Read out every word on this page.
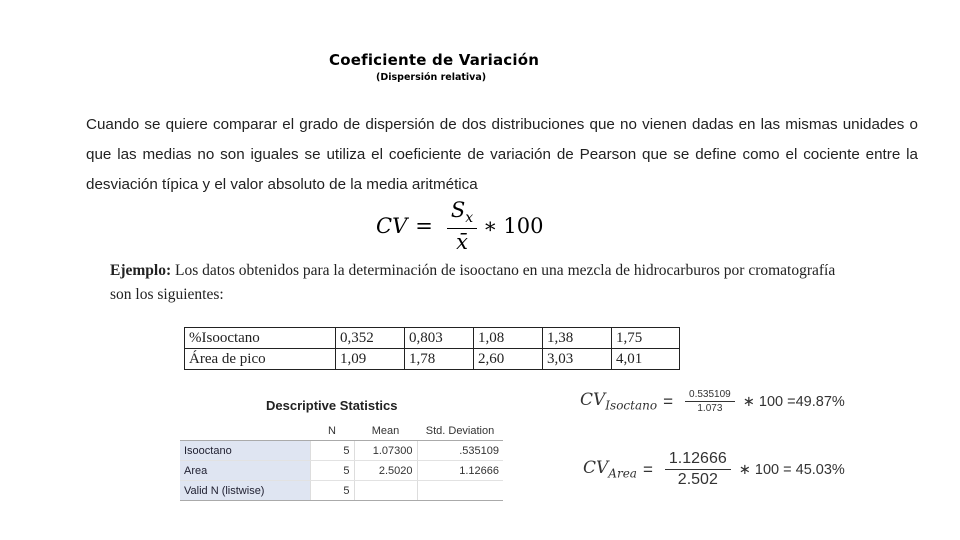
Coeficiente de Variación
(Dispersión relativa)
Cuando se quiere comparar el grado de dispersión de dos distribuciones que no vienen dadas en las mismas unidades o que las medias no son iguales se utiliza el coeficiente de variación de Pearson que se define como el cociente entre la desviación típica y el valor absoluto de la media aritmética
CV = $\frac{S_x}{x̄}$ ∗ 100
Ejemplo: Los datos obtenidos para la determinación de isooctano en una mezcla de hidrocarburos por cromatografía son los siguientes:
%Isooctano	0,352	0,803	1,08	1,38	1,75
Área de pico	1,09	1,78	2,60	3,03	4,01
Descriptive Statistics
	N	Mean	Std. Deviation
Isooctano	5	1.07300	.535109
Area	5	2.5020	1.12666
Valid N (listwise)	5		
$CV_{Isoctano} = \frac{0.535109}{1.073}$ ∗ 100 =49.87%
$CV_{Area} = \frac{1.12666}{2.502}$ ∗ 100 = 45.03%
